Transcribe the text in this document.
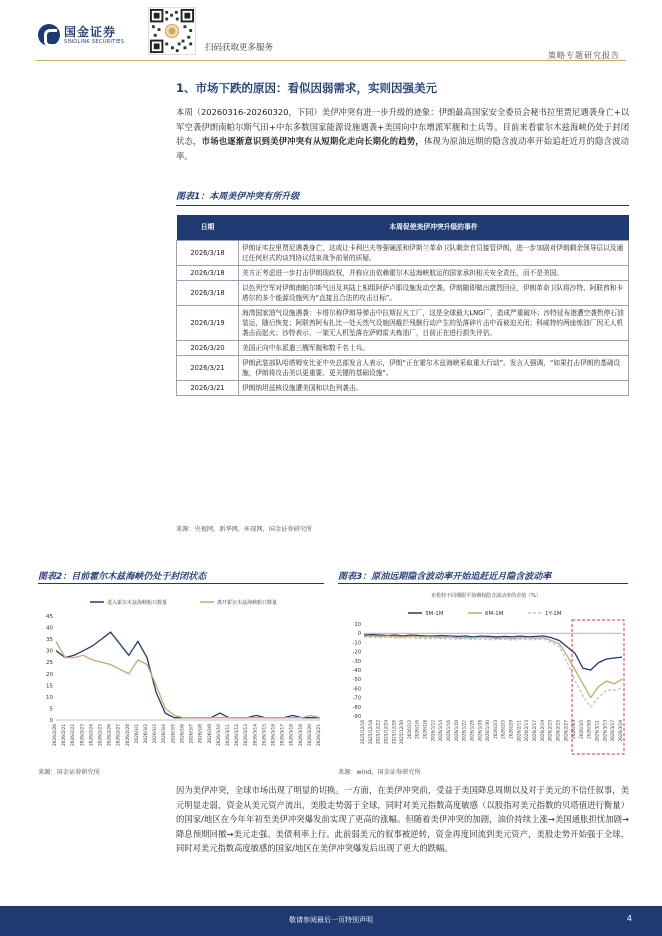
国金证券
SINOLINK SECURITIES
扫码获取更多服务
策略专题研究报告
1、市场下跌的原因：看似因弱需求，实则因强美元
本周（20260316-20260320，下同）美伊冲突有进一步升级的迹象：伊朗最高国家安全委员会秘书拉里贾尼遇袭身亡+以军空袭伊朗南帕尔斯气田+中东多数国家能源设施遇袭+美国向中东增派军舰和士兵等。目前来看霍尔木兹海峡仍处于封闭状态，市场也逐渐意识到美伊冲突有从短期化走向长期化的趋势，体现为原油远期的隐含波动率开始追赶近月的隐含波动率。
图表1：本周美伊冲突有所升级
日期	本周促使美伊冲突升级的事件
2026/3/18	伊朗证实拉里贾尼遇袭身亡，这或让卡利巴夫等强硬派和伊斯兰革命卫队剩余官员接管伊朗，进一步加剧对伊朗剩余领导层以及通过任何形式的谈判协议结束战争前景的质疑。
2026/3/18	美方正考虑进一步打击伊朗现政权，并称应由依赖霍尔木兹海峡航运的国家承担相关安全责任，而不是美国。
2026/3/18	以色列空军对伊朗南帕尔斯气田及其陆上相组阿萨卢耶设施发动空袭。伊朗随即做出激烈回应，伊朗革命卫队将沙特、阿联酋和卡塔尔的多个能源设施列为“直接且合法的攻击目标”。
2026/3/19	海湾国家油气设施遇袭：卡塔尔称伊朗导弹击中拉斯拉凡工厂，这是全球最大LNG厂，造成严重破坏；沙特延布港遭空袭暂停石油装运，随后恢复；阿联酋阿布扎比一处天然气设施因截拦残骸行动产生的坠落碎片击中而被迫关闭；科威特的两座炼油厂因无人机袭击而起火；沙特表示，一架无人机坠落在萨姆雷夫炼油厂，目前正在进行损失评估。
2026/3/20	美国正向中东派遣三艘军舰和数千名士兵。
2026/3/21	伊朗武装部队哈塔姆安比亚中央总部发言人表示，伊朗“正在霍尔木兹海峡采取重大行动”。发言人强调，“如果打击伊朗的基础设施，伊朗将攻击美以更重要、更关键的基础设施”。
2026/3/21	伊朗纳坦兹核设施遭美国和以色列袭击。
来源：央视网，新华网，环球网，国金证券研究所
图表2：目前霍尔木兹海峡仍处于封闭状态
进入霍尔木兹海峡船只数量	离开霍尔木兹海峡船只数量
0
5
10
15
20
25
30
35
40
45
2026/2/20 2026/2/21 2026/2/22 2026/2/23 2026/2/24 2026/2/25 2026/2/26 2026/2/27 2026/2/28 2026/3/1 2026/3/2 2026/3/3 2026/3/4 2026/3/5 2026/3/6 2026/3/7 2026/3/8 2026/3/9 2026/3/10 2026/3/11 2026/3/12 2026/3/13 2026/3/14 2026/3/15 2026/3/16 2026/3/17 2026/3/18 2026/3/19 2026/3/20 2026/3/21
来源：国金证券研究所
图表3：原油远期隐含波动率开始追赶近月隐含波动率
布伦特不同期限平值期权隐含波动率的差值（%）
3M-1M	6M-1M	1Y-1M
10
0
-10
-20
-30
-40
-50
-60
-70
-80
-90
2025/12/16 2025/12/18 2025/12/22 2025/12/24 2025/12/26 2025/12/30 2026/1/2 2026/1/6 2026/1/8 2026/1/12 2026/1/14 2026/1/16 2026/1/20 2026/1/22 2026/1/26 2026/1/28 2026/1/30 2026/2/3 2026/2/5 2026/2/9 2026/2/11 2026/2/13 2026/2/17 2026/2/19 2026/2/23 2026/2/25 2026/2/27 2026/3/3 2026/3/5 2026/3/9 2026/3/11 2026/3/13 2026/3/17 2026/3/19
来源：wind，国金证券研究所
因为美伊冲突，全球市场出现了明显的切换。一方面，在美伊冲突前，受益于美国降息周期以及对于美元的不信任叙事，美元明显走弱，资金从美元资产流出，美股走势弱于全球，同时对美元指数高度敏感（以股指对美元指数的贝塔值进行衡量）的国家/地区在今年年初至美伊冲突爆发前实现了更高的涨幅。但随着美伊冲突的加剧，油价持续上涨→美国通胀担忧加剧→降息预期回撤→美元走强、美债利率上行。此前弱美元的叙事被逆转，资金再度回流到美元资产，美股走势开始强于全球，同时对美元指数高度敏感的国家/地区在美伊冲突爆发后出现了更大的跌幅。
敬请参阅最后一页特别声明	4
